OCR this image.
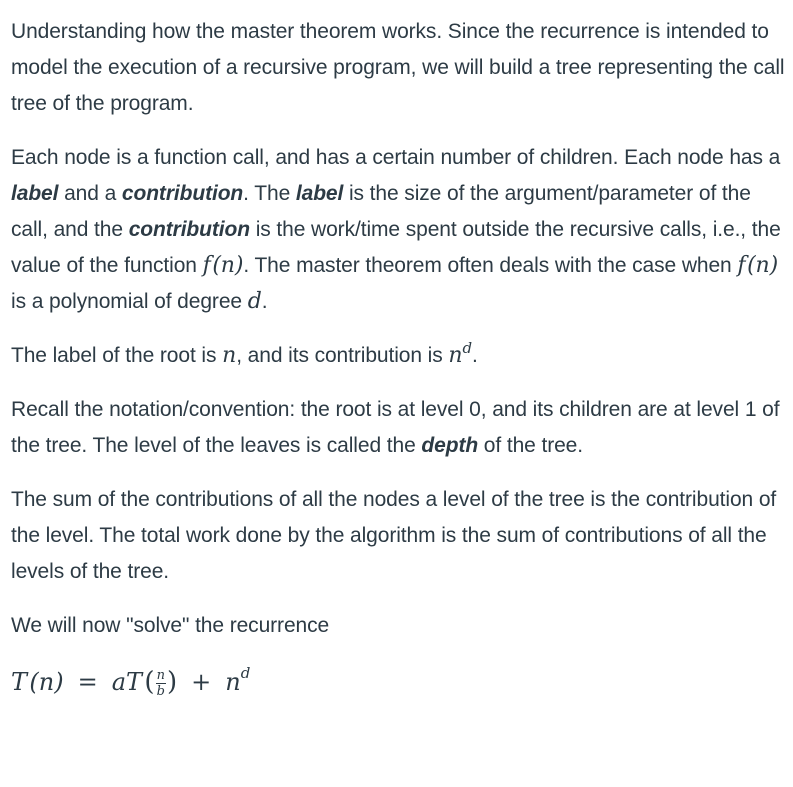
Understanding how the master theorem works. Since the recurrence is intended to model the execution of a recursive program, we will build a tree representing the call tree of the program.

Each node is a function call, and has a certain number of children. Each node has a label and a contribution. The label is the size of the argument/parameter of the call, and the contribution is the work/time spent outside the recursive calls, i.e., the value of the function f (n). The master theorem often deals with the case when f (n) is a polynomial of degree d.

The label of the root is n, and its contribution is $n^d$.

Recall the notation/convention: the root is at level 0, and its children are at level 1 of the tree. The level of the leaves is called the depth of the tree.

The sum of the contributions of all the nodes a level of the tree is the contribution of the level. The total work done by the algorithm is the sum of contributions of all the levels of the tree.

We will now "solve" the recurrence

T (n) = aT ( $\frac{n}{b}$ ) + $n^d$
